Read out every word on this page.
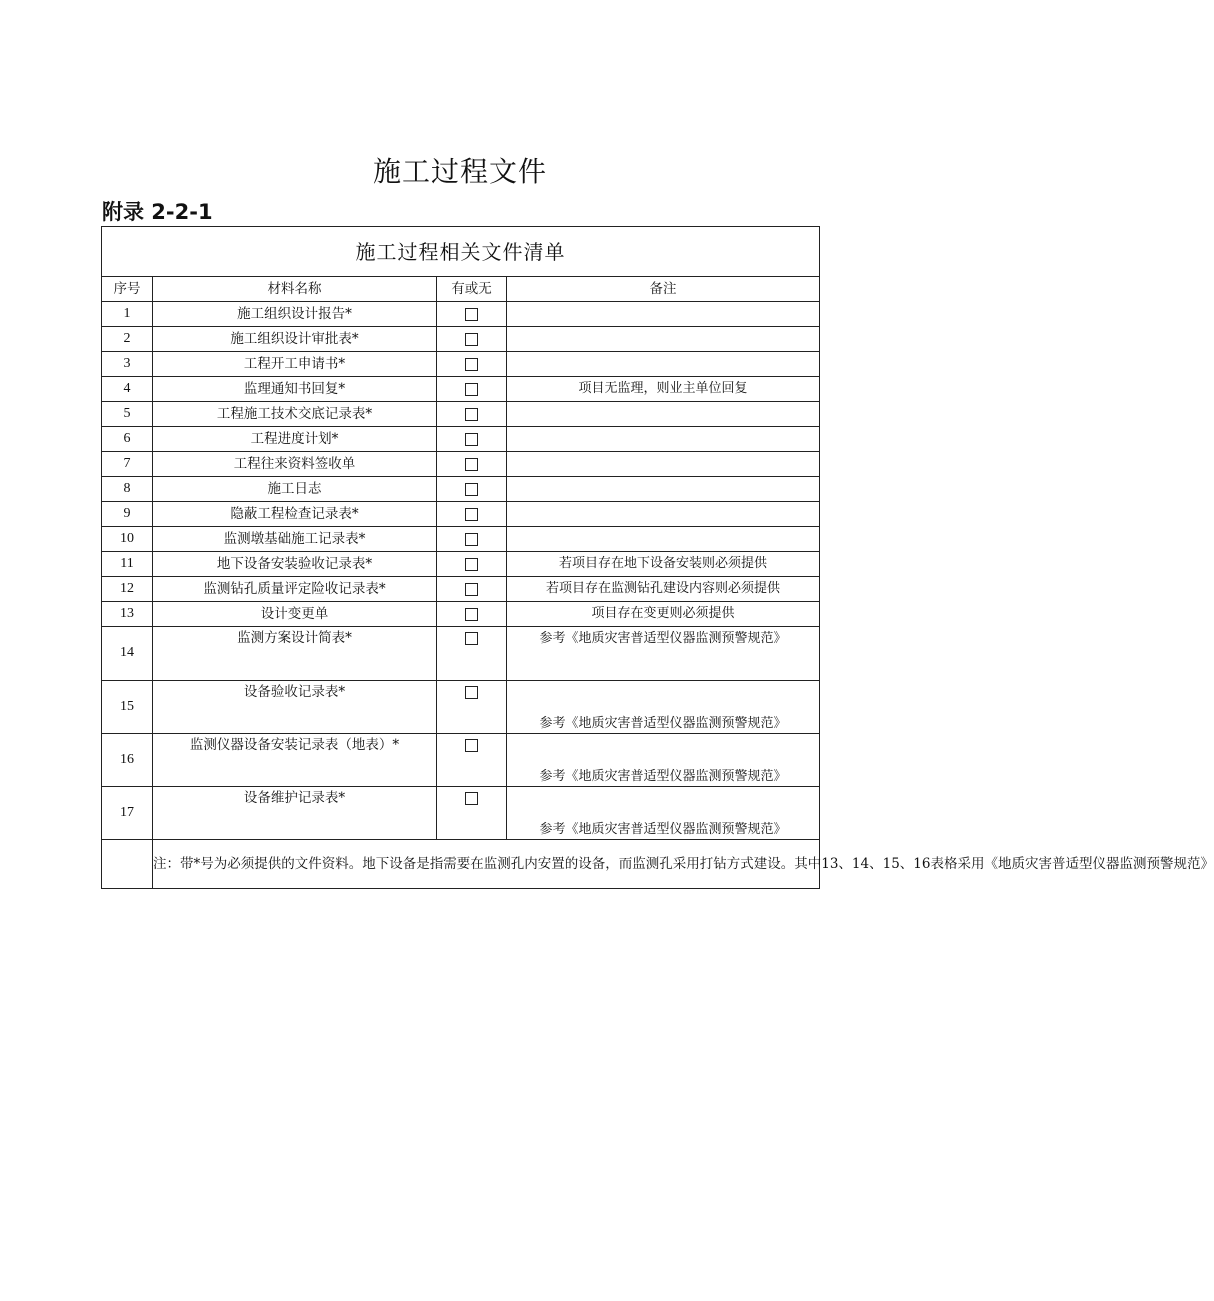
施工过程文件
附录 2-2-1
施工过程相关文件清单			
序号	材料名称	有或无	备注
1	施工组织设计报告*		
2	施工组织设计审批表*		
3	工程开工申请书*		
4	监理通知书回复*		项目无监理，则业主单位回复
5	工程施工技术交底记录表*		
6	工程进度计划*		
7	工程往来资料签收单		
8	施工日志		
9	隐蔽工程检查记录表*		
10	监测墩基础施工记录表*		
11	地下设备安装验收记录表*		若项目存在地下设备安装则必须提供
12	监测钻孔质量评定险收记录表*		若项目存在监测钻孔建设内容则必须提供
13	设计变更单		项目存在变更则必须提供
14	监测方案设计简表*		参考《地质灾害普适型仪器监测预警规范》
15	设备验收记录表*		参考《地质灾害普适型仪器监测预警规范》
16	监测仪器设备安装记录表（地表）*		参考《地质灾害普适型仪器监测预警规范》
17	设备维护记录表*		参考《地质灾害普适型仪器监测预警规范》
	注：带*号为必须提供的文件资料。地下设备是指需要在监测孔内安置的设备，而监测孔采用打钻方式建设。其中13、14、15、16表格采用《地质灾害普适型仪器监测预警规范》		
